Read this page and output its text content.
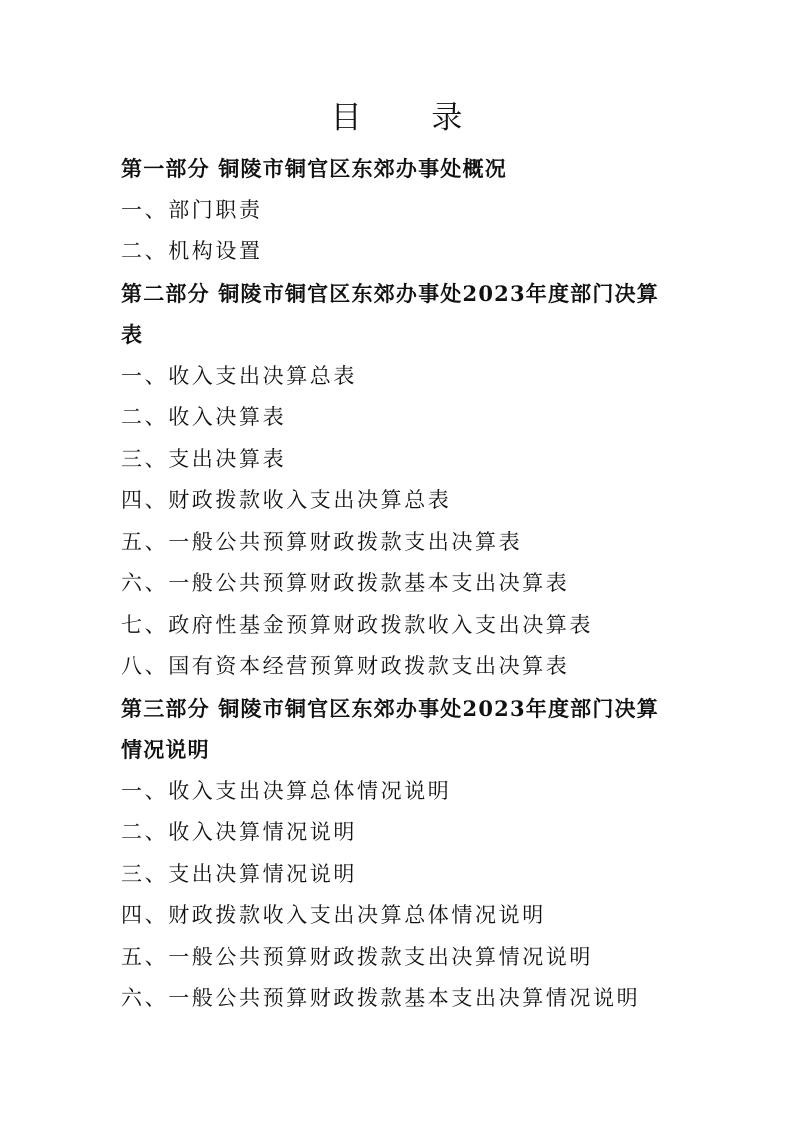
目 录
第一部分 铜陵市铜官区东郊办事处概况
一、部门职责
二、机构设置
第二部分 铜陵市铜官区东郊办事处2023年度部门决算表
一、收入支出决算总表
二、收入决算表
三、支出决算表
四、财政拨款收入支出决算总表
五、一般公共预算财政拨款支出决算表
六、一般公共预算财政拨款基本支出决算表
七、政府性基金预算财政拨款收入支出决算表
八、国有资本经营预算财政拨款支出决算表
第三部分 铜陵市铜官区东郊办事处2023年度部门决算情况说明
一、收入支出决算总体情况说明
二、收入决算情况说明
三、支出决算情况说明
四、财政拨款收入支出决算总体情况说明
五、一般公共预算财政拨款支出决算情况说明
六、一般公共预算财政拨款基本支出决算情况说明
